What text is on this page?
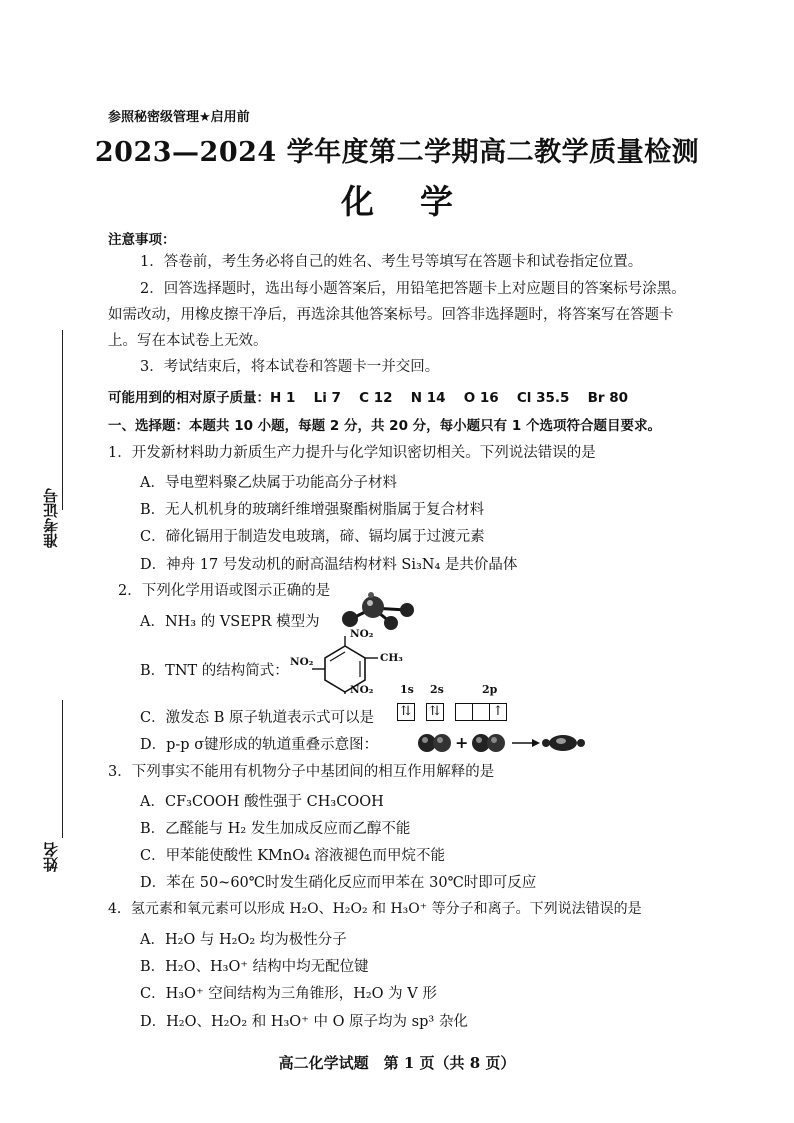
参照秘密级管理★启用前
2023—2024 学年度第二学期高二教学质量检测
化学
准考证号
姓名
注意事项：
1．答卷前，考生务必将自己的姓名、考生号等填写在答题卡和试卷指定位置。
2．回答选择题时，选出每小题答案后，用铅笔把答题卡上对应题目的答案标号涂黑。
如需改动，用橡皮擦干净后，再选涂其他答案标号。回答非选择题时，将答案写在答题卡
上。写在本试卷上无效。
3．考试结束后，将本试卷和答题卡一并交回。
可能用到的相对原子质量：H 1　 Li 7　 C 12　 N 14　 O 16　 Cl 35.5　 Br 80
一、选择题：本题共 10 小题，每题 2 分，共 20 分，每小题只有 1 个选项符合题目要求。
1．开发新材料助力新质生产力提升与化学知识密切相关。下列说法错误的是
A．导电塑料聚乙炔属于功能高分子材料
B．无人机机身的玻璃纤维增强聚酯树脂属于复合材料
C．碲化镉用于制造发电玻璃，碲、镉均属于过渡元素
D．神舟 17 号发动机的耐高温结构材料 Si₃N₄ 是共价晶体
2．下列化学用语或图示正确的是
A．NH₃ 的 VSEPR 模型为
B．TNT 的结构简式：
NO₂
NO₂
CH₃
NO₂ 1s 2s	2p
C．激发态 B 原子轨道表示式可以是 ⇅ ⇅	↑
D．p-p σ键形成的轨道重叠示意图：	+
3．下列事实不能用有机物分子中基团间的相互作用解释的是
A．CF₃COOH 酸性强于 CH₃COOH
B．乙醛能与 H₂ 发生加成反应而乙醇不能
C．甲苯能使酸性 KMnO₄ 溶液褪色而甲烷不能
D．苯在 50~60℃时发生硝化反应而甲苯在 30℃时即可反应
4．氢元素和氧元素可以形成 H₂O、H₂O₂ 和 H₃O⁺ 等分子和离子。下列说法错误的是
A．H₂O 与 H₂O₂ 均为极性分子
B．H₂O、H₃O⁺ 结构中均无配位键
C．H₃O⁺ 空间结构为三角锥形，H₂O 为 V 形
D．H₂O、H₂O₂ 和 H₃O⁺ 中 O 原子均为 sp³ 杂化
高二化学试题　第 1 页（共 8 页）
